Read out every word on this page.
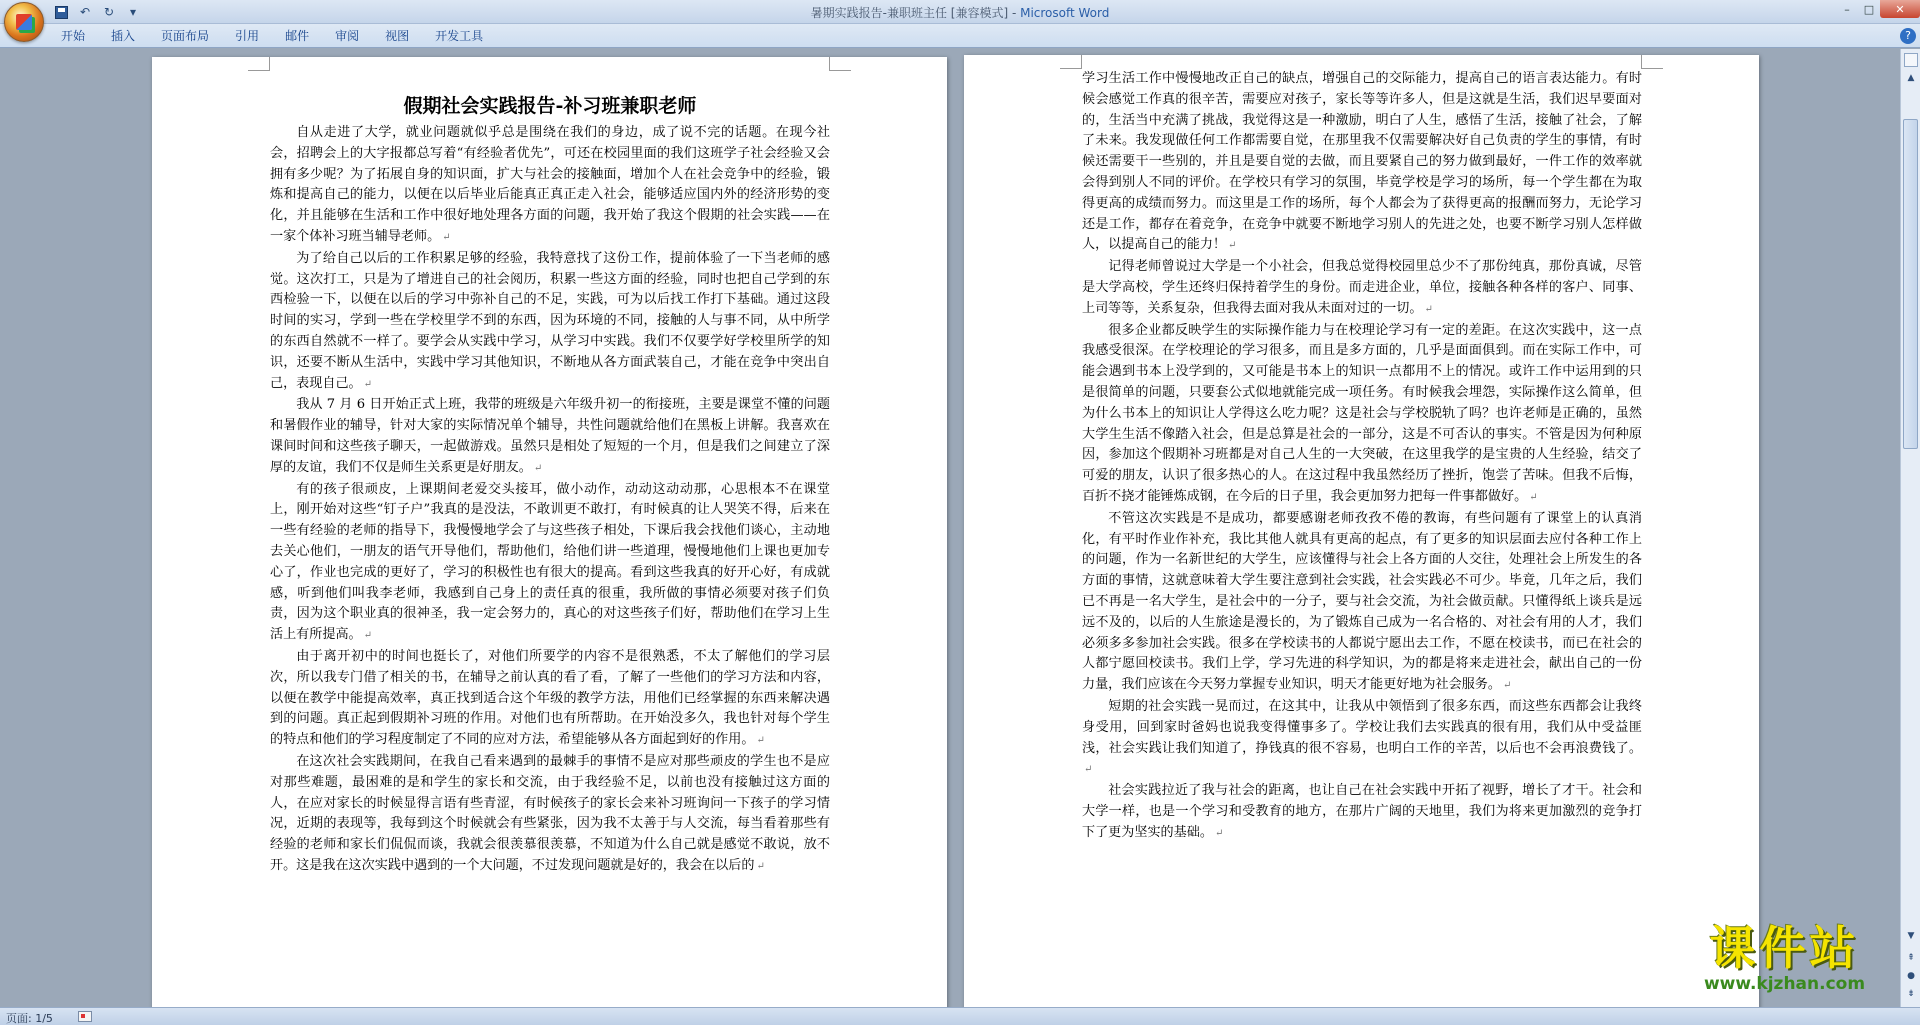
↶	↻	▾	暑期实践报告-兼职班主任 [兼容模式] - Microsoft Word	–	□	✕
开始	插入	页面布局	引用	邮件	审阅	视图	开发工具	?
假期社会实践报告-补习班兼职老师

自从走进了大学，就业问题就似乎总是围绕在我们的身边，成了说不完的话题。在现今社会，招聘会上的大字报都总写着“有经验者优先”，可还在校园里面的我们这班学子社会经验又会拥有多少呢？为了拓展自身的知识面，扩大与社会的接触面，增加个人在社会竞争中的经验，锻炼和提高自己的能力，以便在以后毕业后能真正真正走入社会，能够适应国内外的经济形势的变化，并且能够在生活和工作中很好地处理各方面的问题，我开始了我这个假期的社会实践——在一家个体补习班当辅导老师。 ↵

为了给自己以后的工作积累足够的经验，我特意找了这份工作，提前体验了一下当老师的感觉。这次打工，只是为了增进自己的社会阅历，积累一些这方面的经验，同时也把自己学到的东西检验一下，以便在以后的学习中弥补自己的不足，实践，可为以后找工作打下基础。通过这段时间的实习，学到一些在学校里学不到的东西，因为环境的不同，接触的人与事不同，从中所学的东西自然就不一样了。要学会从实践中学习，从学习中实践。我们不仅要学好学校里所学的知识，还要不断从生活中，实践中学习其他知识，不断地从各方面武装自己，才能在竞争中突出自己，表现自己。 ↵

我从 7 月 6 日开始正式上班，我带的班级是六年级升初一的衔接班，主要是课堂不懂的问题和暑假作业的辅导，针对大家的实际情况单个辅导，共性问题就给他们在黑板上讲解。我喜欢在课间时间和这些孩子聊天，一起做游戏。虽然只是相处了短短的一个月，但是我们之间建立了深厚的友谊，我们不仅是师生关系更是好朋友。 ↵

有的孩子很顽皮，上课期间老爱交头接耳，做小动作，动动这动动那，心思根本不在课堂上，刚开始对这些“钉子户”我真的是没法，不敢训更不敢打，有时候真的让人哭笑不得，后来在一些有经验的老师的指导下，我慢慢地学会了与这些孩子相处，下课后我会找他们谈心，主动地去关心他们，一朋友的语气开导他们，帮助他们，给他们讲一些道理，慢慢地他们上课也更加专心了，作业也完成的更好了，学习的积极性也有很大的提高。看到这些我真的好开心好，有成就感，听到他们叫我李老师，我感到自己身上的责任真的很重，我所做的事情必须要对孩子们负责，因为这个职业真的很神圣，我一定会努力的，真心的对这些孩子们好，帮助他们在学习上生活上有所提高。 ↵

由于离开初中的时间也挺长了，对他们所要学的内容不是很熟悉，不太了解他们的学习层次，所以我专门借了相关的书，在辅导之前认真的看了看，了解了一些他们的学习方法和内容，以便在教学中能提高效率，真正找到适合这个年级的教学方法，用他们已经掌握的东西来解决遇到的问题。真正起到假期补习班的作用。对他们也有所帮助。在开始没多久，我也针对每个学生的特点和他们的学习程度制定了不同的应对方法，希望能够从各方面起到好的作用。 ↵

在这次社会实践期间，在我自己看来遇到的最棘手的事情不是应对那些顽皮的学生也不是应对那些难题，最困难的是和学生的家长和交流，由于我经验不足，以前也没有接触过这方面的人，在应对家长的时候显得言语有些青涩，有时候孩子的家长会来补习班询问一下孩子的学习情况，近期的表现等，我每到这个时候就会有些紧张，因为我不太善于与人交流，每当看着那些有经验的老师和家长们侃侃而谈，我就会很羡慕很羡慕，不知道为什么自己就是感觉不敢说，放不开。这是我在这次实践中遇到的一个大问题，不过发现问题就是好的，我会在以后的 ↵

学习生活工作中慢慢地改正自己的缺点，增强自己的交际能力，提高自己的语言表达能力。有时候会感觉工作真的很辛苦，需要应对孩子，家长等等许多人，但是这就是生活，我们迟早要面对的，生活当中充满了挑战，我觉得这是一种激励，明白了人生，感悟了生活，接触了社会，了解了未来。我发现做任何工作都需要自觉，在那里我不仅需要解决好自己负责的学生的事情，有时候还需要干一些别的，并且是要自觉的去做，而且要紧自己的努力做到最好，一件工作的效率就会得到别人不同的评价。在学校只有学习的氛围，毕竟学校是学习的场所，每一个学生都在为取得更高的成绩而努力。而这里是工作的场所，每个人都会为了获得更高的报酬而努力，无论学习还是工作，都存在着竞争，在竞争中就要不断地学习别人的先进之处，也要不断学习别人怎样做人，以提高自己的能力！ ↵

记得老师曾说过大学是一个小社会，但我总觉得校园里总少不了那份纯真，那份真诚，尽管是大学高校，学生还终归保持着学生的身份。而走进企业，单位，接触各种各样的客户、同事、上司等等，关系复杂，但我得去面对我从未面对过的一切。 ↵

很多企业都反映学生的实际操作能力与在校理论学习有一定的差距。在这次实践中，这一点我感受很深。在学校理论的学习很多，而且是多方面的，几乎是面面俱到。而在实际工作中，可能会遇到书本上没学到的，又可能是书本上的知识一点都用不上的情况。或许工作中运用到的只是很简单的问题，只要套公式似地就能完成一项任务。有时候我会埋怨，实际操作这么简单，但为什么书本上的知识让人学得这么吃力呢？这是社会与学校脱轨了吗？也许老师是正确的，虽然大学生生活不像踏入社会，但是总算是社会的一部分，这是不可否认的事实。不管是因为何种原因，参加这个假期补习班都是对自己人生的一大突破，在这里我学的是宝贵的人生经验，结交了可爱的朋友，认识了很多热心的人。在这过程中我虽然经历了挫折，饱尝了苦味。但我不后悔，百折不挠才能锤炼成钢，在今后的日子里，我会更加努力把每一件事都做好。 ↵

不管这次实践是不是成功，都要感谢老师孜孜不倦的教诲，有些问题有了课堂上的认真消化，有平时作业作补充，我比其他人就具有更高的起点，有了更多的知识层面去应付各种工作上的问题，作为一名新世纪的大学生，应该懂得与社会上各方面的人交往，处理社会上所发生的各方面的事情，这就意味着大学生要注意到社会实践，社会实践必不可少。毕竟，几年之后，我们已不再是一名大学生，是社会中的一分子，要与社会交流，为社会做贡献。只懂得纸上谈兵是远远不及的，以后的人生旅途是漫长的，为了锻炼自己成为一名合格的、对社会有用的人才，我们必须多多参加社会实践。很多在学校读书的人都说宁愿出去工作，不愿在校读书，而已在社会的人都宁愿回校读书。我们上学，学习先进的科学知识，为的都是将来走进社会，献出自己的一份力量，我们应该在今天努力掌握专业知识，明天才能更好地为社会服务。 ↵

短期的社会实践一晃而过，在这其中，让我从中领悟到了很多东西，而这些东西都会让我终身受用，回到家时爸妈也说我变得懂事多了。学校让我们去实践真的很有用，我们从中受益匪浅，社会实践让我们知道了，挣钱真的很不容易，也明白工作的辛苦，以后也不会再浪费钱了。 ↵

社会实践拉近了我与社会的距离，也让自己在社会实践中开拓了视野，增长了才干。社会和大学一样，也是一个学习和受教育的地方，在那片广阔的天地里，我们为将来更加激烈的竞争打下了更为坚实的基础。 ↵

▲
▼
⇞
●
⇟
课件站
www.kjzhan.com
页面: 1/5
